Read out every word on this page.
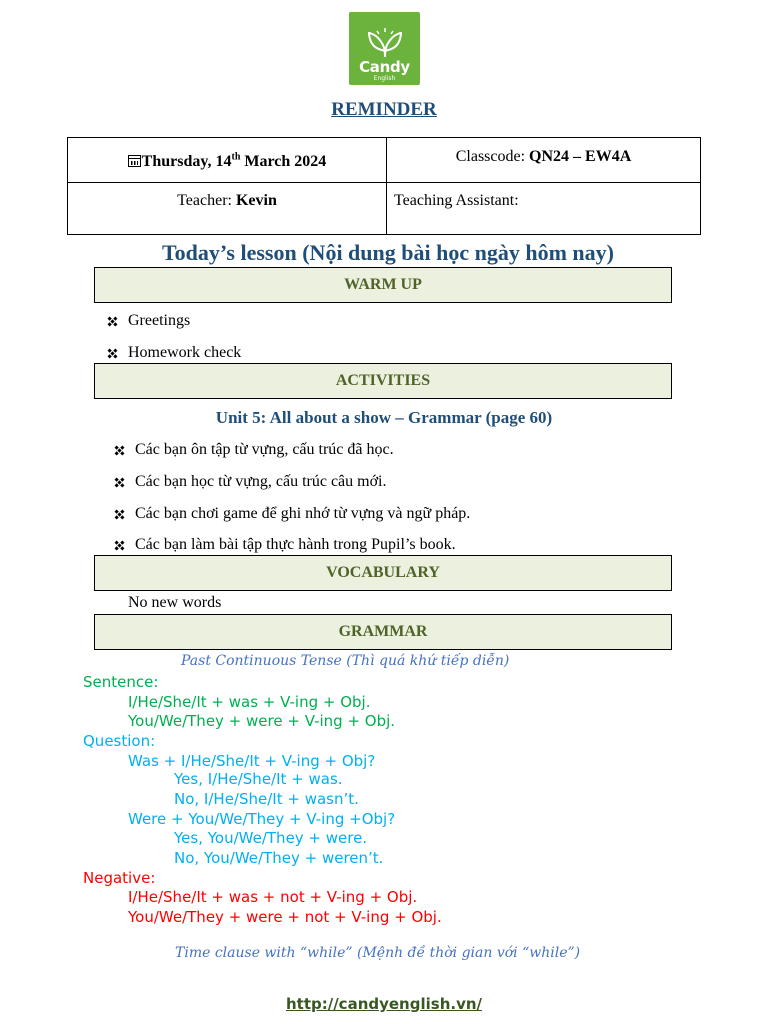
Candy
English
REMINDER
Thursday, 14th March 2024	Classcode: QN24 – EW4A
Teacher: Kevin	Teaching Assistant:
Today’s lesson (Nội dung bài học ngày hôm nay)
WARM UP
Greetings
Homework check
ACTIVITIES
Unit 5: All about a show – Grammar (page 60)
Các bạn ôn tập từ vựng, cấu trúc đã học.
Các bạn học từ vựng, cấu trúc câu mới.
Các bạn chơi game để ghi nhớ từ vựng và ngữ pháp.
Các bạn làm bài tập thực hành trong Pupil’s book.
VOCABULARY
No new words
GRAMMAR
Past Continuous Tense (Thì quá khứ tiếp diễn)
Sentence:
I/He/She/It + was + V-ing + Obj.
You/We/They + were + V-ing + Obj.
Question:
Was + I/He/She/It + V-ing + Obj?
Yes, I/He/She/It + was.
No, I/He/She/It + wasn’t.
Were + You/We/They + V-ing +Obj?
Yes, You/We/They + were.
No, You/We/They + weren’t.
Negative:
I/He/She/It + was + not + V-ing + Obj.
You/We/They + were + not + V-ing + Obj.
Time clause with “while” (Mệnh đề thời gian với “while”)
http://candyenglish.vn/
